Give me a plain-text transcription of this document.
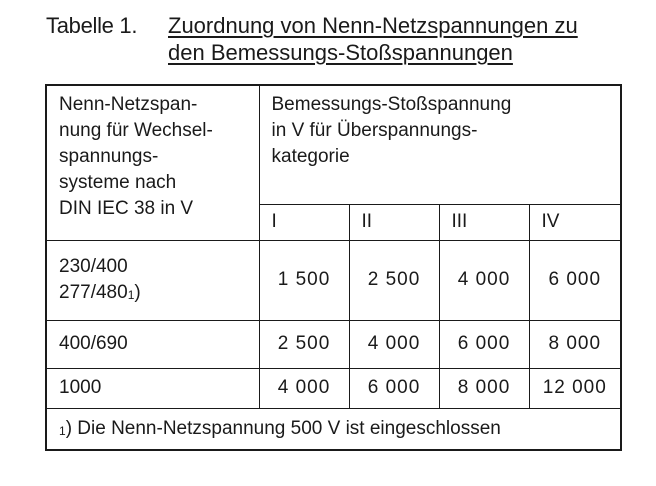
Tabelle 1. Zuordnung von Nenn-Netzspannungen zu
den Bemessungs-Stoßspannungen
Nenn-Netzspan-
nung für Wechsel-
spannungs-
systeme nach
DIN IEC 38 in V	Bemessungs-Stoßspannung
in V für Überspannungs-
kategorie			

	I	II	III	IV

230/400
277/480$^1$)	1 500	2 500	4 000	6 000

400/690	2 500	4 000	6 000	8 000

1000	4 000	6 000	8 000	12 000

$^1$) Die Nenn-Netzspannung 500 V ist eingeschlossen				
